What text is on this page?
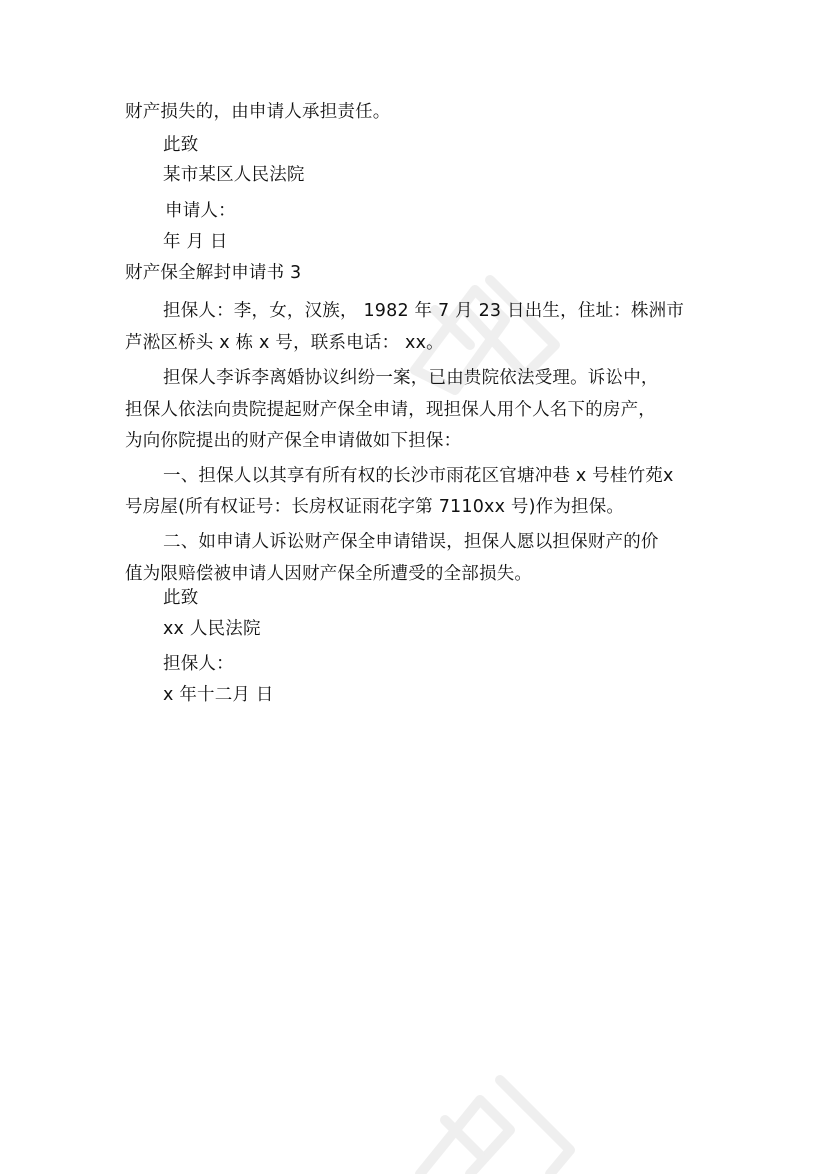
财产损失的，由申请人承担责任。
此致
某市某区人民法院
申请人：
年 月 日
财产保全解封申请书 3
担保人：李，女，汉族， 1982 年 7 月 23 日出生，住址：株洲市
芦淞区桥头 x 栋 x 号，联系电话： xx。
担保人李诉李离婚协议纠纷一案，已由贵院依法受理。诉讼中，
担保人依法向贵院提起财产保全申请，现担保人用个人名下的房产，
为向你院提出的财产保全申请做如下担保：
一、担保人以其享有所有权的长沙市雨花区官塘冲巷 x 号桂竹苑x
号房屋(所有权证号：长房权证雨花字第 7110xx 号)作为担保。
二、如申请人诉讼财产保全申请错误，担保人愿以担保财产的价
值为限赔偿被申请人因财产保全所遭受的全部损失。
此致
xx 人民法院
担保人：
x 年十二月 日
